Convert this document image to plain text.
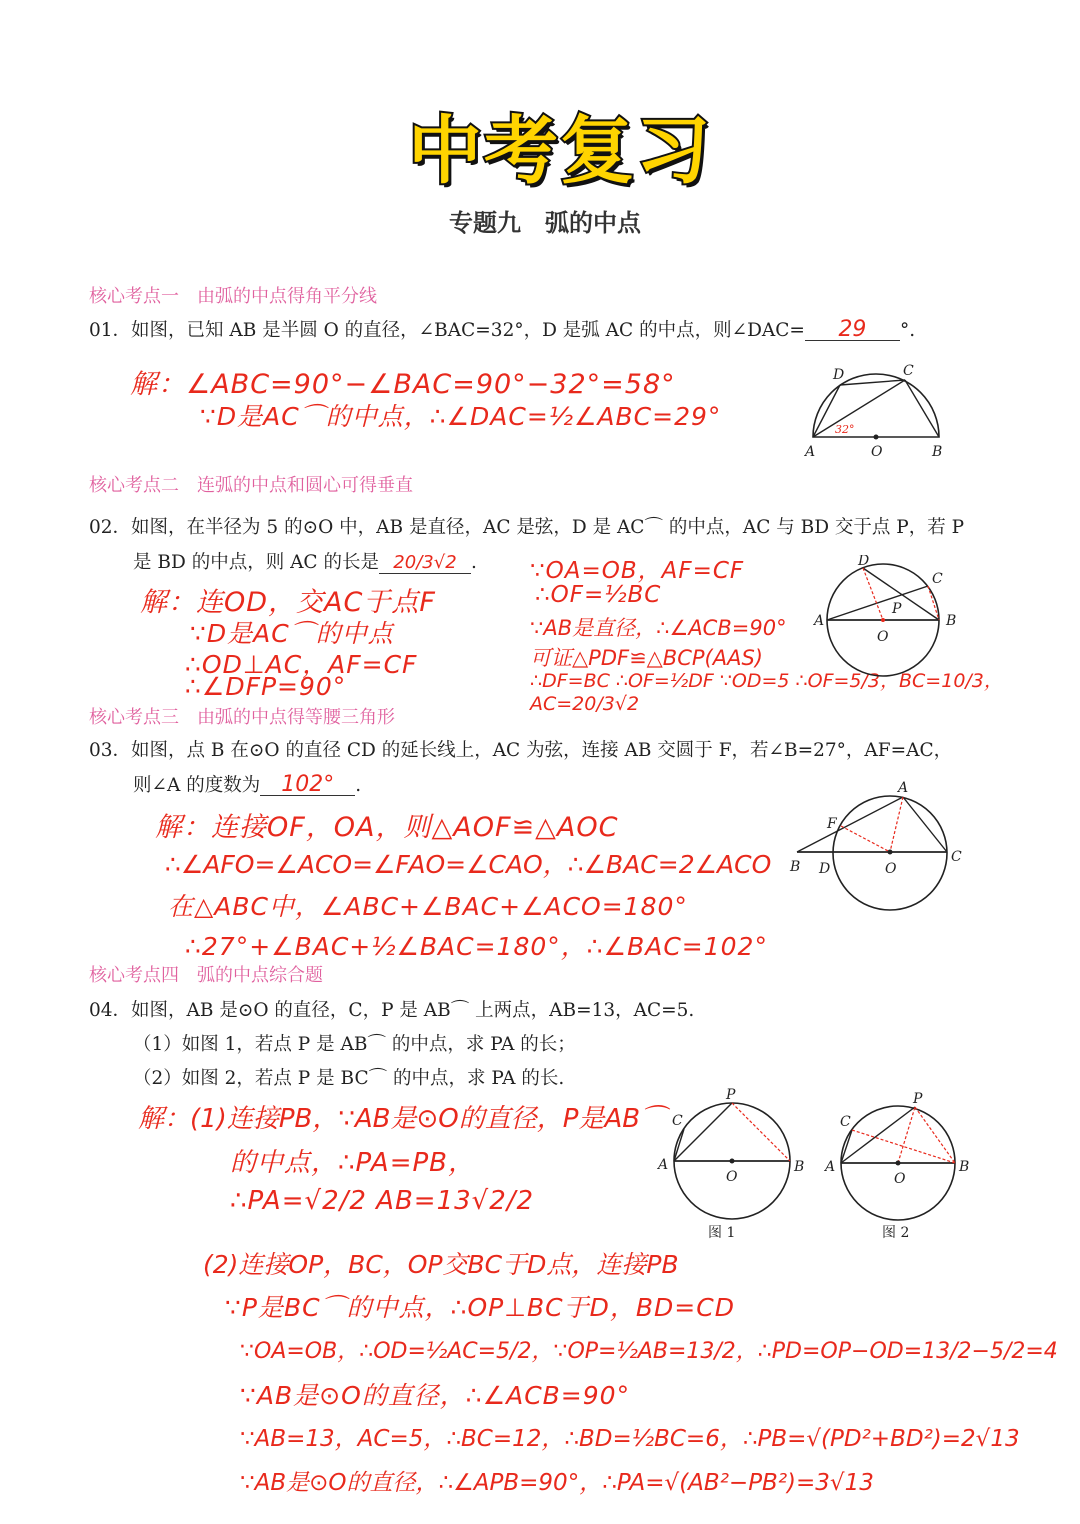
中考复习
专题九　弧的中点
核心考点一　由弧的中点得角平分线
01．如图，已知 AB 是半圆 O 的直径，∠BAC=32°，D 是弧 AC 的中点，则∠DAC= 29 °.
解：∠ABC=90°−∠BAC=90°−32°=58°
∵D是AC⌒的中点，∴∠DAC=½∠ABC=29°
D	C
A	O	B
32°
核心考点二　连弧的中点和圆心可得垂直
02．如图，在半径为 5 的⊙O 中，AB 是直径，AC 是弦，D 是 AC⌒ 的中点，AC 与 BD 交于点 P，若 P
是 BD 的中点，则 AC 的长是 20/3√2 .
解：连OD，交AC于点F
∵D是AC⌒的中点
∴OD⊥AC，AF=CF
∴∠DFP=90°
∵OA=OB，AF=CF
∴OF=½BC
∵AB是直径，∴∠ACB=90°
可证△PDF≌△BCP(AAS)
∴DF=BC ∴OF=½DF ∵OD=5 ∴OF=5/3，BC=10/3，AC=20/3√2
D
C
P
A	B
O
核心考点三　由弧的中点得等腰三角形
03．如图，点 B 在⊙O 的直径 CD 的延长线上，AC 为弦，连接 AB 交圆于 F，若∠B=27°，AF=AC，
则∠A 的度数为 102° .
解：连接OF，OA，则△AOF≌△AOC
∴∠AFO=∠ACO=∠FAO=∠CAO，∴∠BAC=2∠ACO
在△ABC中，∠ABC+∠BAC+∠ACO=180°
∴27°+∠BAC+½∠BAC=180°，∴∠BAC=102°
A
F
B D	O
C
核心考点四　弧的中点综合题
04．如图，AB 是⊙O 的直径，C，P 是 AB⌒ 上两点，AB=13，AC=5.
（1）如图 1，若点 P 是 AB⌒ 的中点，求 PA 的长；
（2）如图 2，若点 P 是 BC⌒ 的中点，求 PA 的长.
解：(1)连接PB，∵AB是⊙O的直径，P是AB⌒
的中点，∴PA=PB，
∴PA=√2/2 AB=13√2/2
(2)连接OP，BC，OP交BC于D点，连接PB
∵P是BC⌒的中点，∴OP⊥BC于D，BD=CD
∵OA=OB，∴OD=½AC=5/2，∵OP=½AB=13/2，∴PD=OP−OD=13/2−5/2=4
∵AB是⊙O的直径，∴∠ACB=90°
∵AB=13，AC=5，∴BC=12，∴BD=½BC=6，∴PB=√(PD²+BD²)=2√13
∵AB是⊙O的直径，∴∠APB=90°，∴PA=√(AB²−PB²)=3√13
P
C
A
O
B
图 1
P
C
A
O
B
图 2
